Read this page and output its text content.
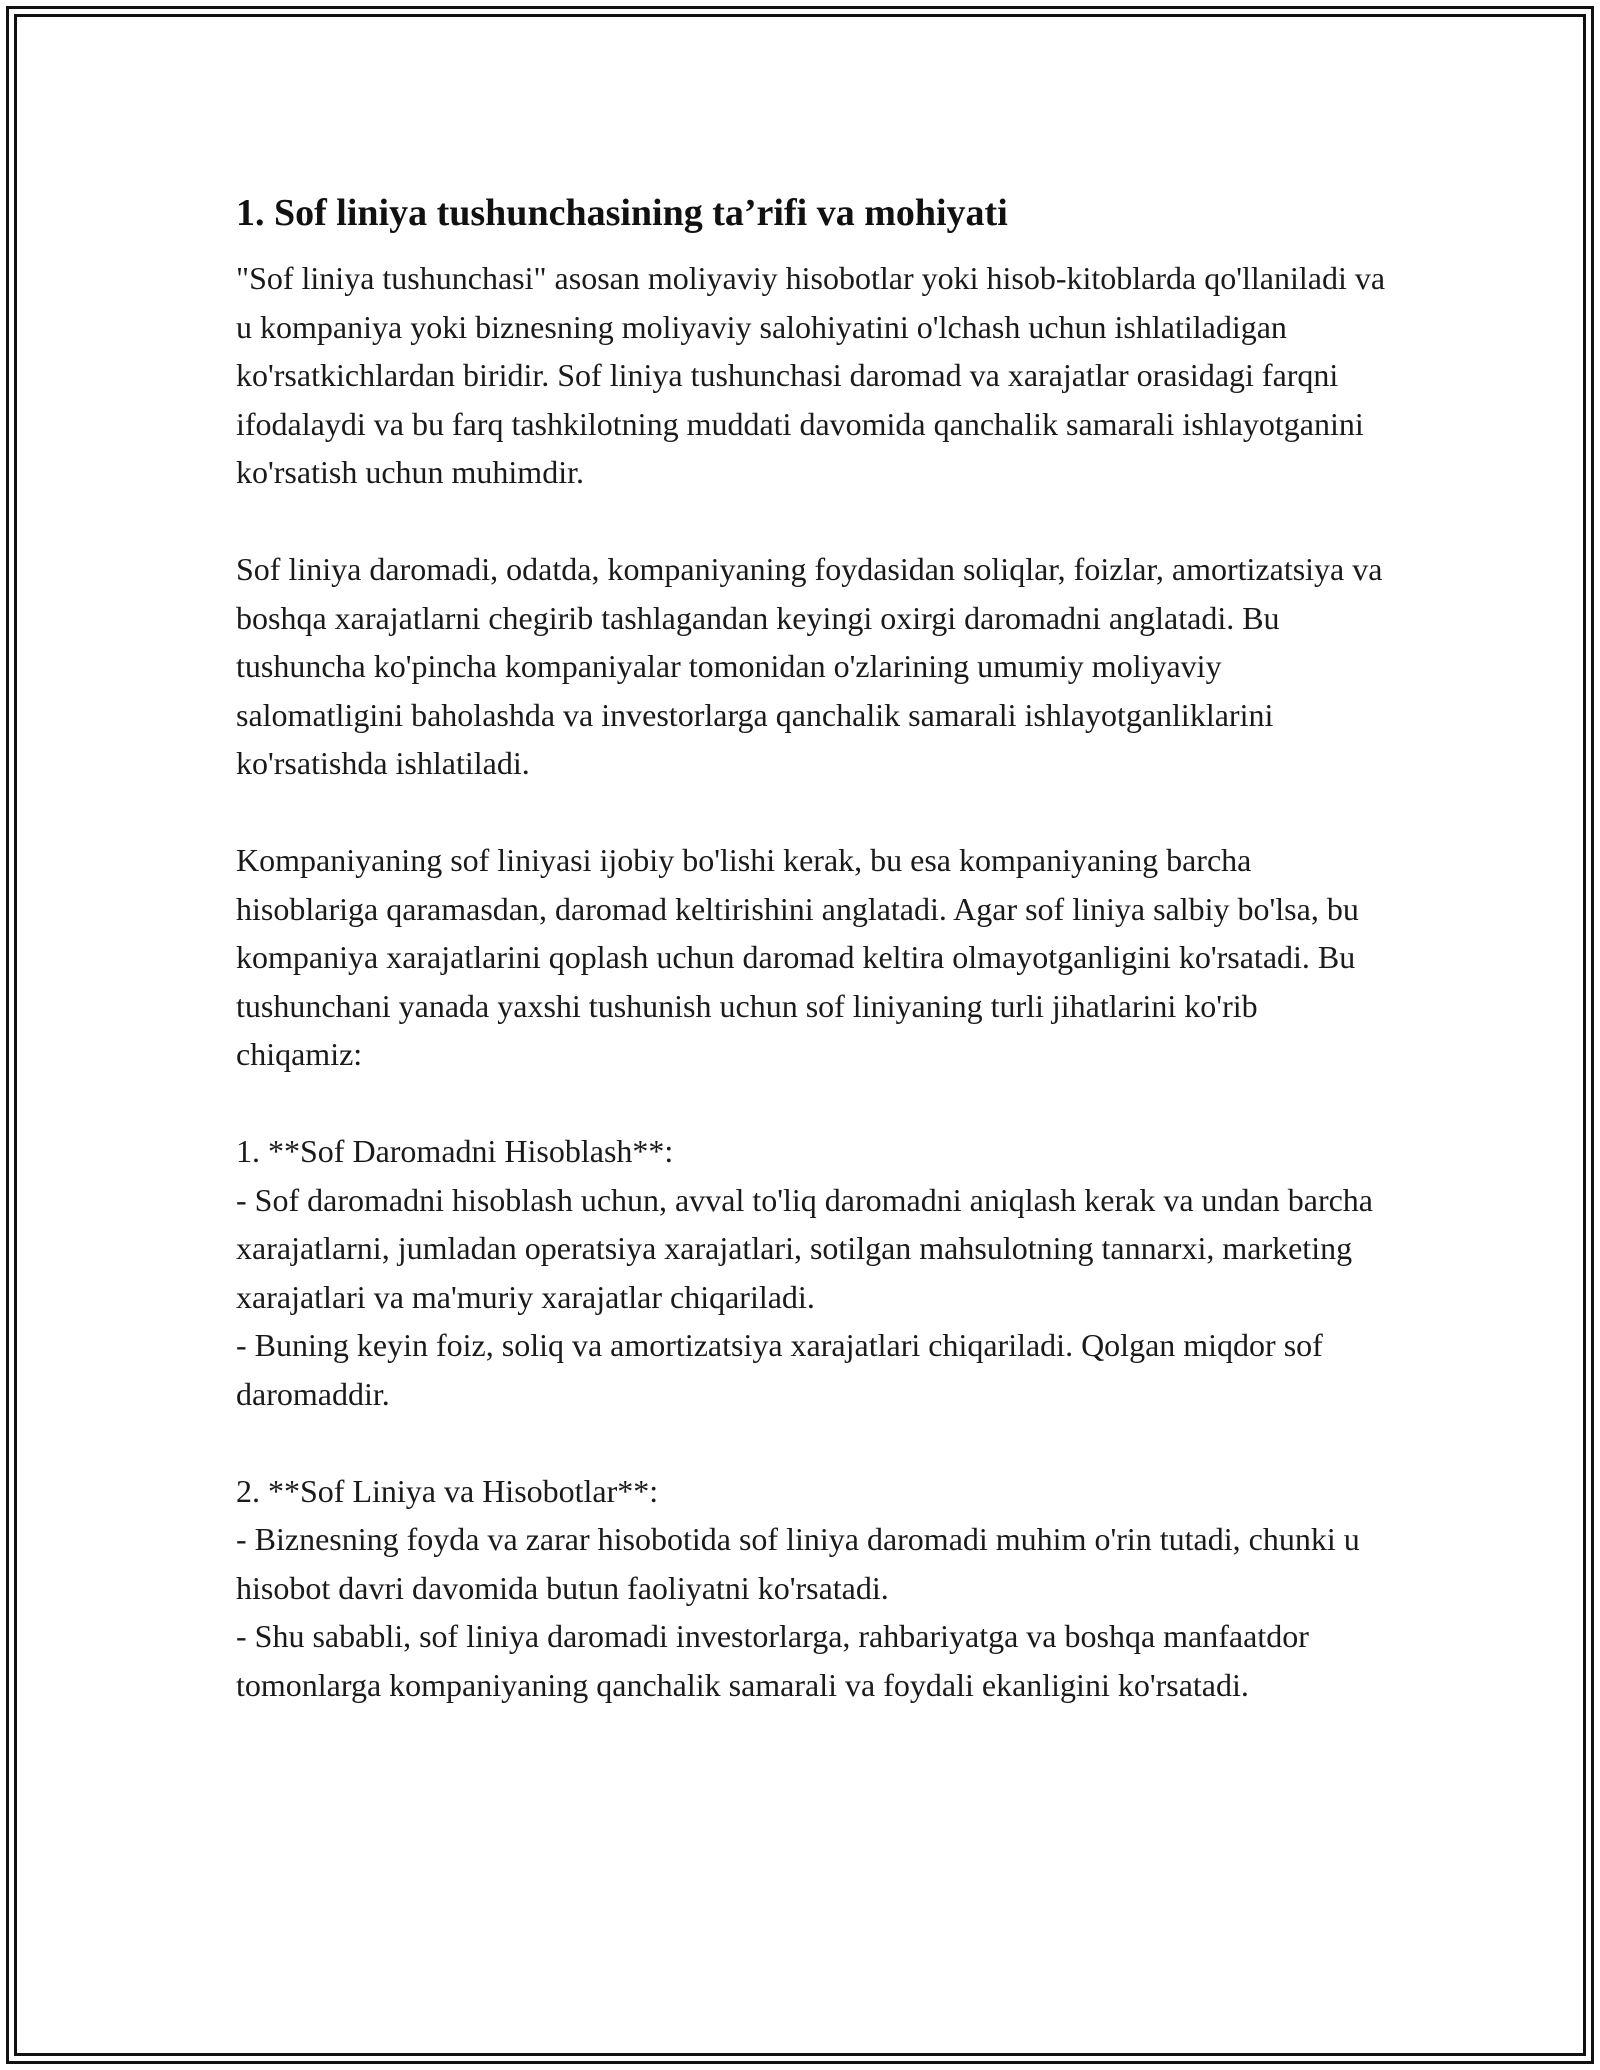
1. Sof liniya tushunchasining ta’rifi va mohiyati

"Sof liniya tushunchasi" asosan moliyaviy hisobotlar yoki hisob-kitoblarda qo'llaniladi va u kompaniya yoki biznesning moliyaviy salohiyatini o'lchash uchun ishlatiladigan ko'rsatkichlardan biridir. Sof liniya tushunchasi daromad va xarajatlar orasidagi farqni ifodalaydi va bu farq tashkilotning muddati davomida qanchalik samarali ishlayotganini ko'rsatish uchun muhimdir.

Sof liniya daromadi, odatda, kompaniyaning foydasidan soliqlar, foizlar, amortizatsiya va boshqa xarajatlarni chegirib tashlagandan keyingi oxirgi daromadni anglatadi. Bu tushuncha ko'pincha kompaniyalar tomonidan o'zlarining umumiy moliyaviy salomatligini baholashda va investorlarga qanchalik samarali ishlayotganliklarini ko'rsatishda ishlatiladi.

Kompaniyaning sof liniyasi ijobiy bo'lishi kerak, bu esa kompaniyaning barcha hisoblariga qaramasdan, daromad keltirishini anglatadi. Agar sof liniya salbiy bo'lsa, bu kompaniya xarajatlarini qoplash uchun daromad keltira olmayotganligini ko'rsatadi. Bu tushunchani yanada yaxshi tushunish uchun sof liniyaning turli jihatlarini ko'rib chiqamiz:

1. **Sof Daromadni Hisoblash**:
- Sof daromadni hisoblash uchun, avval to'liq daromadni aniqlash kerak va undan barcha xarajatlarni, jumladan operatsiya xarajatlari, sotilgan mahsulotning tannarxi, marketing xarajatlari va ma'muriy xarajatlar chiqariladi.
- Buning keyin foiz, soliq va amortizatsiya xarajatlari chiqariladi. Qolgan miqdor sof daromaddir.

2. **Sof Liniya va Hisobotlar**:
- Biznesning foyda va zarar hisobotida sof liniya daromadi muhim o'rin tutadi, chunki u hisobot davri davomida butun faoliyatni ko'rsatadi.
- Shu sababli, sof liniya daromadi investorlarga, rahbariyatga va boshqa manfaatdor tomonlarga kompaniyaning qanchalik samarali va foydali ekanligini ko'rsatadi.
